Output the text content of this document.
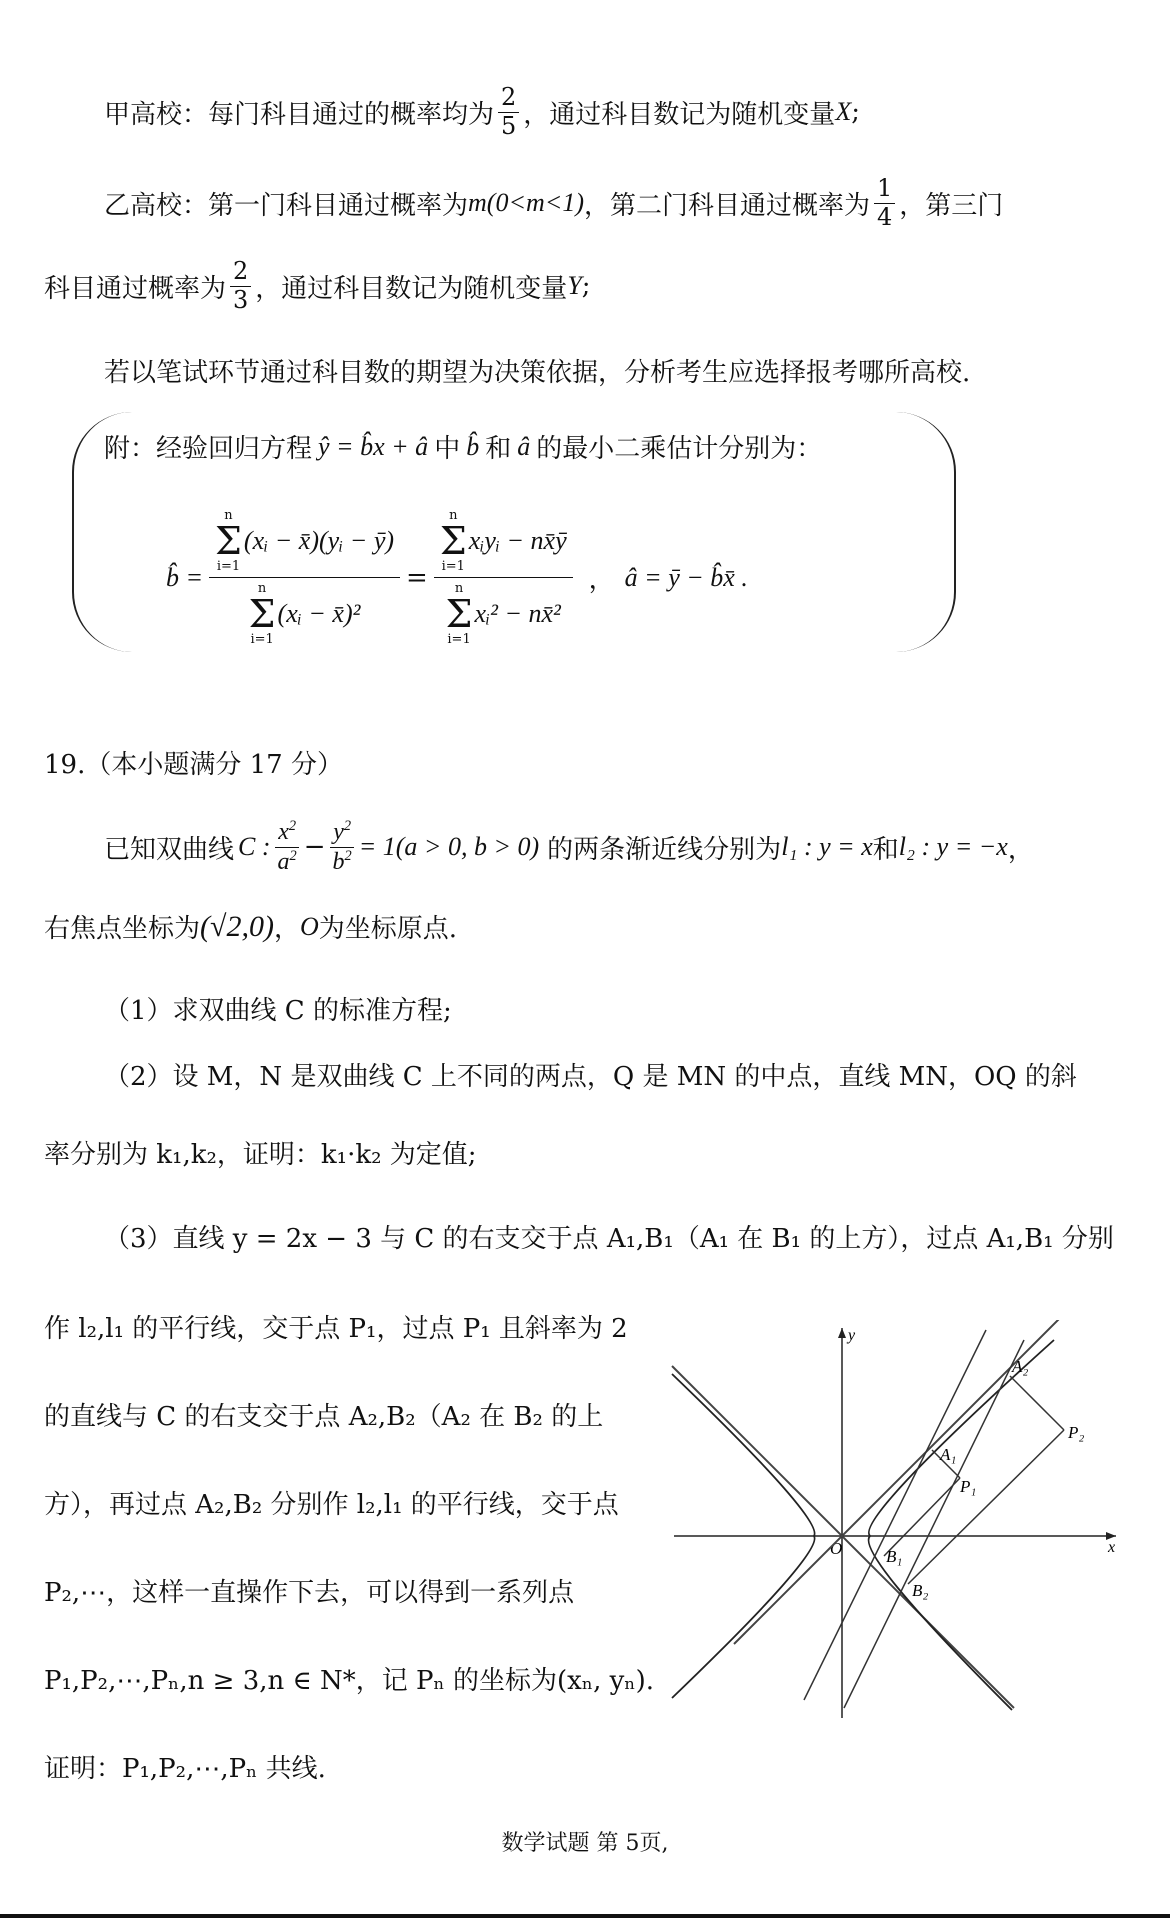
甲高校：每门科目通过的概率均为 $\frac{2}{5}$ ，通过科目数记为随机变量 X ;
乙高校：第一门科目通过概率为 m(0<m<1) ，第二门科目通过概率为 $\frac{1}{4}$ ，第三门
科目通过概率为 $\frac{2}{3}$ ，通过科目数记为随机变量 Y ;
若以笔试环节通过科目数的期望为决策依据，分析考生应选择报考哪所高校.
附：经验回归方程 ŷ = b̂x + â 中 b̂ 和 â 的最小二乘估计分别为：
b̂ = n
Σ
i=1
(xᵢ − x̄)(yᵢ − ȳ)
n
Σ
i=1
(xᵢ − x̄)² = n
Σ
i=1
xᵢyᵢ − nx̄ȳ
n
Σ
i=1
xᵢ² − nx̄² ， â = ȳ − b̂x̄ .
19.（本小题满分 17 分）
已知双曲线 C : $\frac{x^2}{a^2} - \frac{y^2}{b^2} = 1(a > 0$, b > 0) 的两条渐近线分别为 l₁ : y = x 和 l₂ : y = −x ，
右焦点坐标为 (√2,0) ， O 为坐标原点.
（1）求双曲线 C 的标准方程;
（2）设 M，N 是双曲线 C 上不同的两点，Q 是 MN 的中点，直线 MN，OQ 的斜
率分别为 k₁,k₂，证明：k₁·k₂ 为定值;
（3）直线 y = 2x − 3 与 C 的右支交于点 A₁,B₁（A₁ 在 B₁ 的上方），过点 A₁,B₁ 分别
作 l₂,l₁ 的平行线，交于点 P₁，过点 P₁ 且斜率为 2
的直线与 C 的右支交于点 A₂,B₂（A₂ 在 B₂ 的上
方），再过点 A₂,B₂ 分别作 l₂,l₁ 的平行线，交于点
P₂,⋯，这样一直操作下去，可以得到一系列点
P₁,P₂,⋯,Pₙ,n ≥ 3,n ∈ N*，记 Pₙ 的坐标为(xₙ, yₙ).
证明：P₁,P₂,⋯,Pₙ 共线.
x
y
O
A₂
P₂
A₁
P₁
B₁
B₂
数学试题 第 5页,
